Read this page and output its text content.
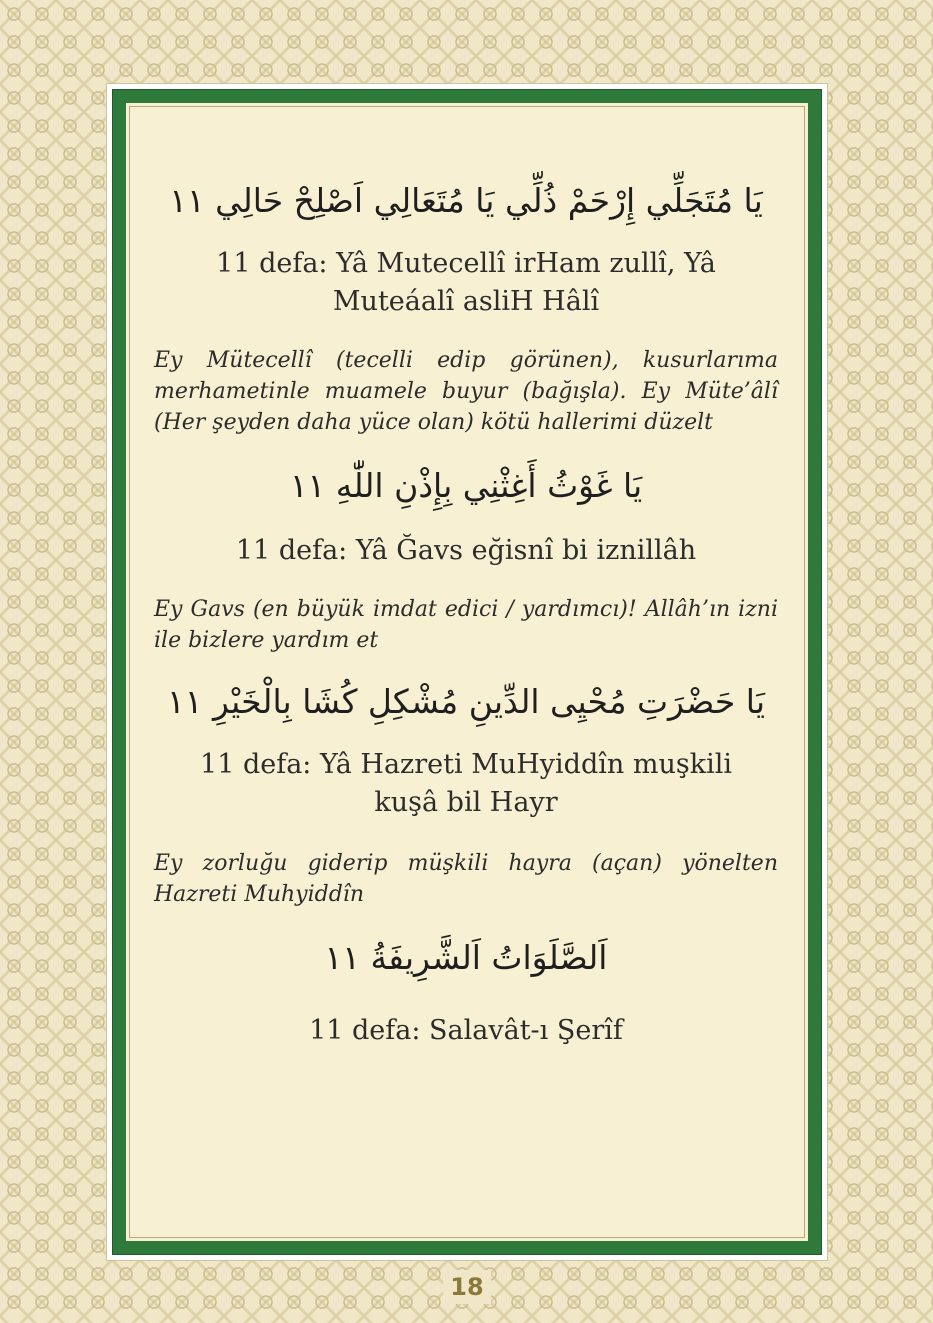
يَا مُتَجَلِّي إِرْحَمْ ذُلِّي يَا مُتَعَالِي اَصْلِحْ حَالِي ١١

11 defa: Yâ Mutecellî irHam zullî, Yâ

Muteáalî asliH Hâlî

Ey Mütecellî (tecelli edip görünen), kusurlarıma merhametinle muamele buyur (bağışla). Ey Müte’âlî (Her şeyden daha yüce olan) kötü hallerimi düzelt

يَا غَوْثُ أَغِثْنِي بِإِذْنِ اللّٰهِ ١١

11 defa: Yâ Ğavs eğisnî bi iznillâh

Ey Gavs (en büyük imdat edici / yardımcı)! Allâh’ın izni ile bizlere yardım et

يَا حَضْرَتِ مُحْيِى الدِّينِ مُشْكِلِ كُشَا بِالْخَيْرِ ١١

11 defa: Yâ Hazreti MuHyiddîn muşkili

kuşâ bil Hayr

Ey zorluğu giderip müşkili hayra (açan) yönelten Hazreti Muhyiddîn

اَلصَّلَوَاتُ اَلشَّرِيفَةُ ١١

11 defa: Salavât-ı Şerîf

18
